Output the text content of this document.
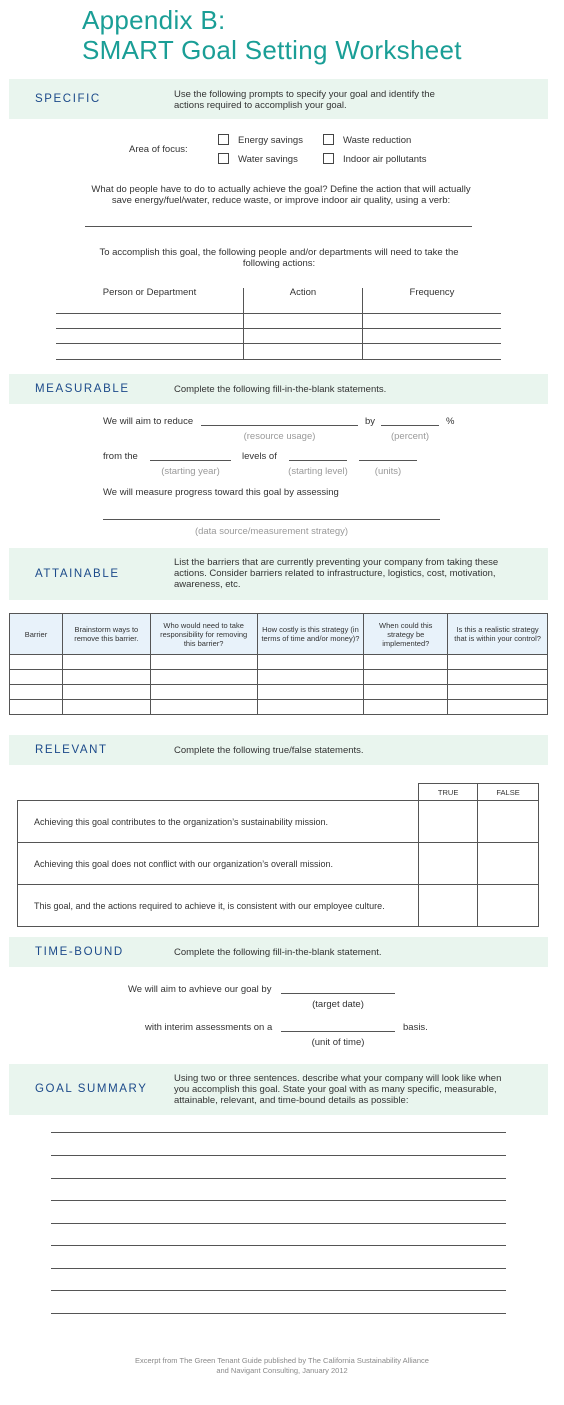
Appendix B:
SMART Goal Setting Worksheet
SPECIFIC	Use the following prompts to specify your goal and identify the actions required to accomplish your goal.
Area of focus:
Energy savings	Waste reduction
Water savings	Indoor air pollutants
What do people have to do to actually achieve the goal? Define the action that will actually save energy/fuel/water, reduce waste, or improve indoor air quality, using a verb:
To accomplish this goal, the following people and/or departments will need to take the following actions:
Person or Department	Action	Frequency
MEASURABLE	Complete the following fill-in-the-blank statements.
We will aim to reduce	by	%
(resource usage)	(percent)
from the	levels of
(starting year)	(starting level)	(units)
We will measure progress toward this goal by assessing
(data source/measurement strategy)
ATTAINABLE
List the barriers that are currently preventing your company from taking these actions. Consider barriers related to infrastructure, logistics, cost, motivation, awareness, etc.
Barrier	Brainstorm ways to remove this barrier.	Who would need to take responsibility for removing this barrier?	How costly is this strategy (in terms of time and/or money)?	When could this strategy be implemented?	Is this a realistic strategy that is within your control?

RELEVANT	Complete the following true/false statements.
	TRUE	FALSE
Achieving this goal contributes to the organization’s sustainability mission.		
Achieving this goal does not conflict with our organization’s overall mission.		
This goal, and the actions required to achieve it, is consistent with our employee culture.		
TIME-BOUND	Complete the following fill-in-the-blank statement.
We will aim to avhieve our goal by
(target date)
with interim assessments on a	basis.
(unit of time)
GOAL SUMMARY
Using two or three sentences. describe what your company will look like when you accomplish this goal. State your goal with as many specific, measurable, attainable, relevant, and time-bound details as possible:
Excerpt from The Green Tenant Guide published by The California Sustainability Alliance
and Navigant Consulting, January 2012
